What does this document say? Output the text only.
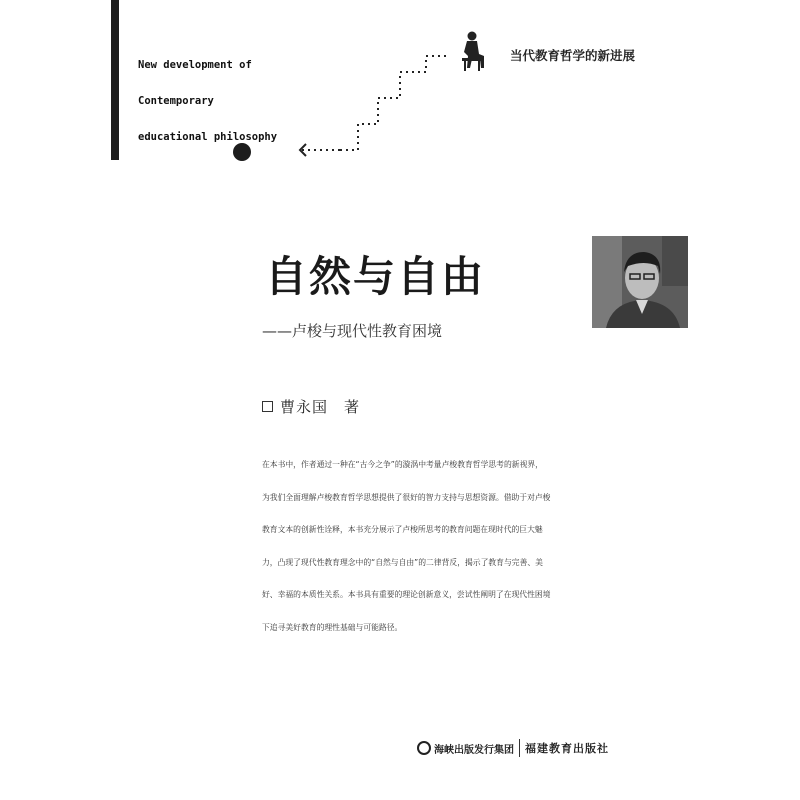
New development of

Contemporary

educational philosophy

当代教育哲学的新进展
自然与自由
——卢梭与现代性教育困境
曹永国　著
在本书中，作者通过一种在“古今之争”的漩涡中考量卢梭教育哲学思考的新视界，
为我们全面理解卢梭教育哲学思想提供了很好的智力支持与思想资源。借助于对卢梭
教育文本的创新性诠释，本书充分展示了卢梭所思考的教育问题在现时代的巨大魅
力，凸现了现代性教育理念中的“自然与自由”的二律背反，揭示了教育与完善、美
好、幸福的本质性关系。本书具有重要的理论创新意义，尝试性阐明了在现代性困境
下追寻美好教育的理性基础与可能路径。
海峡出版发行集团 福建教育出版社
